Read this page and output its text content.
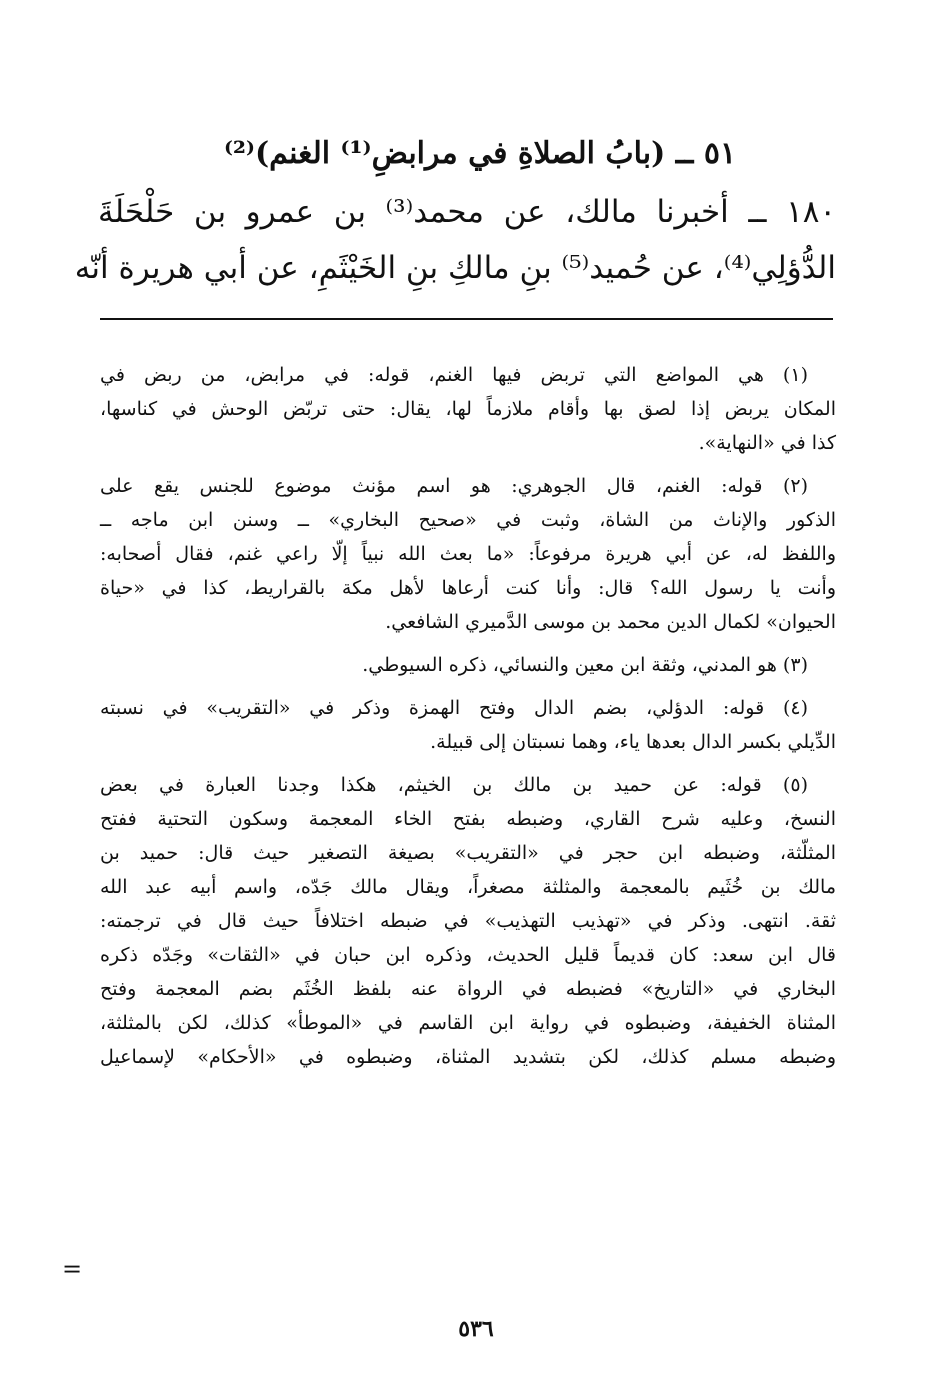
٥١ ــ (بابُ الصلاةِ في مرابضِ⁽¹⁾ الغنم)⁽²⁾
١٨٠ ــ أخبرنا مالك، عن محمد⁽³⁾ بن عمرو بن حَلْحَلَةَ
الدُّؤلِي⁽⁴⁾، عن حُميد⁽⁵⁾ بنِ مالكِ بنِ الخَيْثَمِ، عن أبي هريرة أنّه
(١) هي المواضع التي تربض فيها الغنم، قوله: في مرابض، من ربض في
المكان يربض إذا لصق بها وأقام ملازماً لها، يقال: حتى تربّض الوحش في كناسها،
كذا في «النهاية».
(٢) قوله: الغنم، قال الجوهري: هو اسم مؤنث موضوع للجنس يقع على
الذكور والإناث من الشاة، وثبت في «صحيح البخاري» ــ وسنن ابن ماجه ــ
واللفظ له، عن أبي هريرة مرفوعاً: «ما بعث الله نبياً إلّا راعي غنم، فقال أصحابه:
وأنت يا رسول الله؟ قال: وأنا كنت أرعاها لأهل مكة بالقراريط، كذا في «حياة
الحيوان» لكمال الدين محمد بن موسى الدَّميري الشافعي.
(٣) هو المدني، وثقة ابن معين والنسائي، ذكره السيوطي.
(٤) قوله: الدؤلي، بضم الدال وفتح الهمزة وذكر في «التقريب» في نسبته
الدِّيلي بكسر الدال بعدها ياء، وهما نسبتان إلى قبيلة.
(٥) قوله: عن حميد بن مالك بن الخيثم، هكذا وجدنا العبارة في بعض
النسخ، وعليه شرح القاري، وضبطه بفتح الخاء المعجمة وسكون التحتية ففتح
المثلّثة، وضبطه ابن حجر في «التقريب» بصيغة التصغير حيث قال: حميد بن
مالك بن خُثَيم بالمعجمة والمثلثة مصغراً، ويقال مالك جَدّه، واسم أبيه عبد الله
ثقة. انتهى. وذكر في «تهذيب التهذيب» في ضبطه اختلافاً حيث قال في ترجمته:
قال ابن سعد: كان قديماً قليل الحديث، وذكره ابن حبان في «الثقات» وجَدّه ذكره
البخاري في «التاريخ» فضبطه في الرواة عنه بلفظ الخُثَم بضم المعجمة وفتح
المثناة الخفيفة، وضبطوه في رواية ابن القاسم في «الموطأ» كذلك، لكن بالمثلثة،
وضبطه مسلم كذلك، لكن بتشديد المثناة، وضبطوه في «الأحكام» لإسماعيل
=
٥٣٦
